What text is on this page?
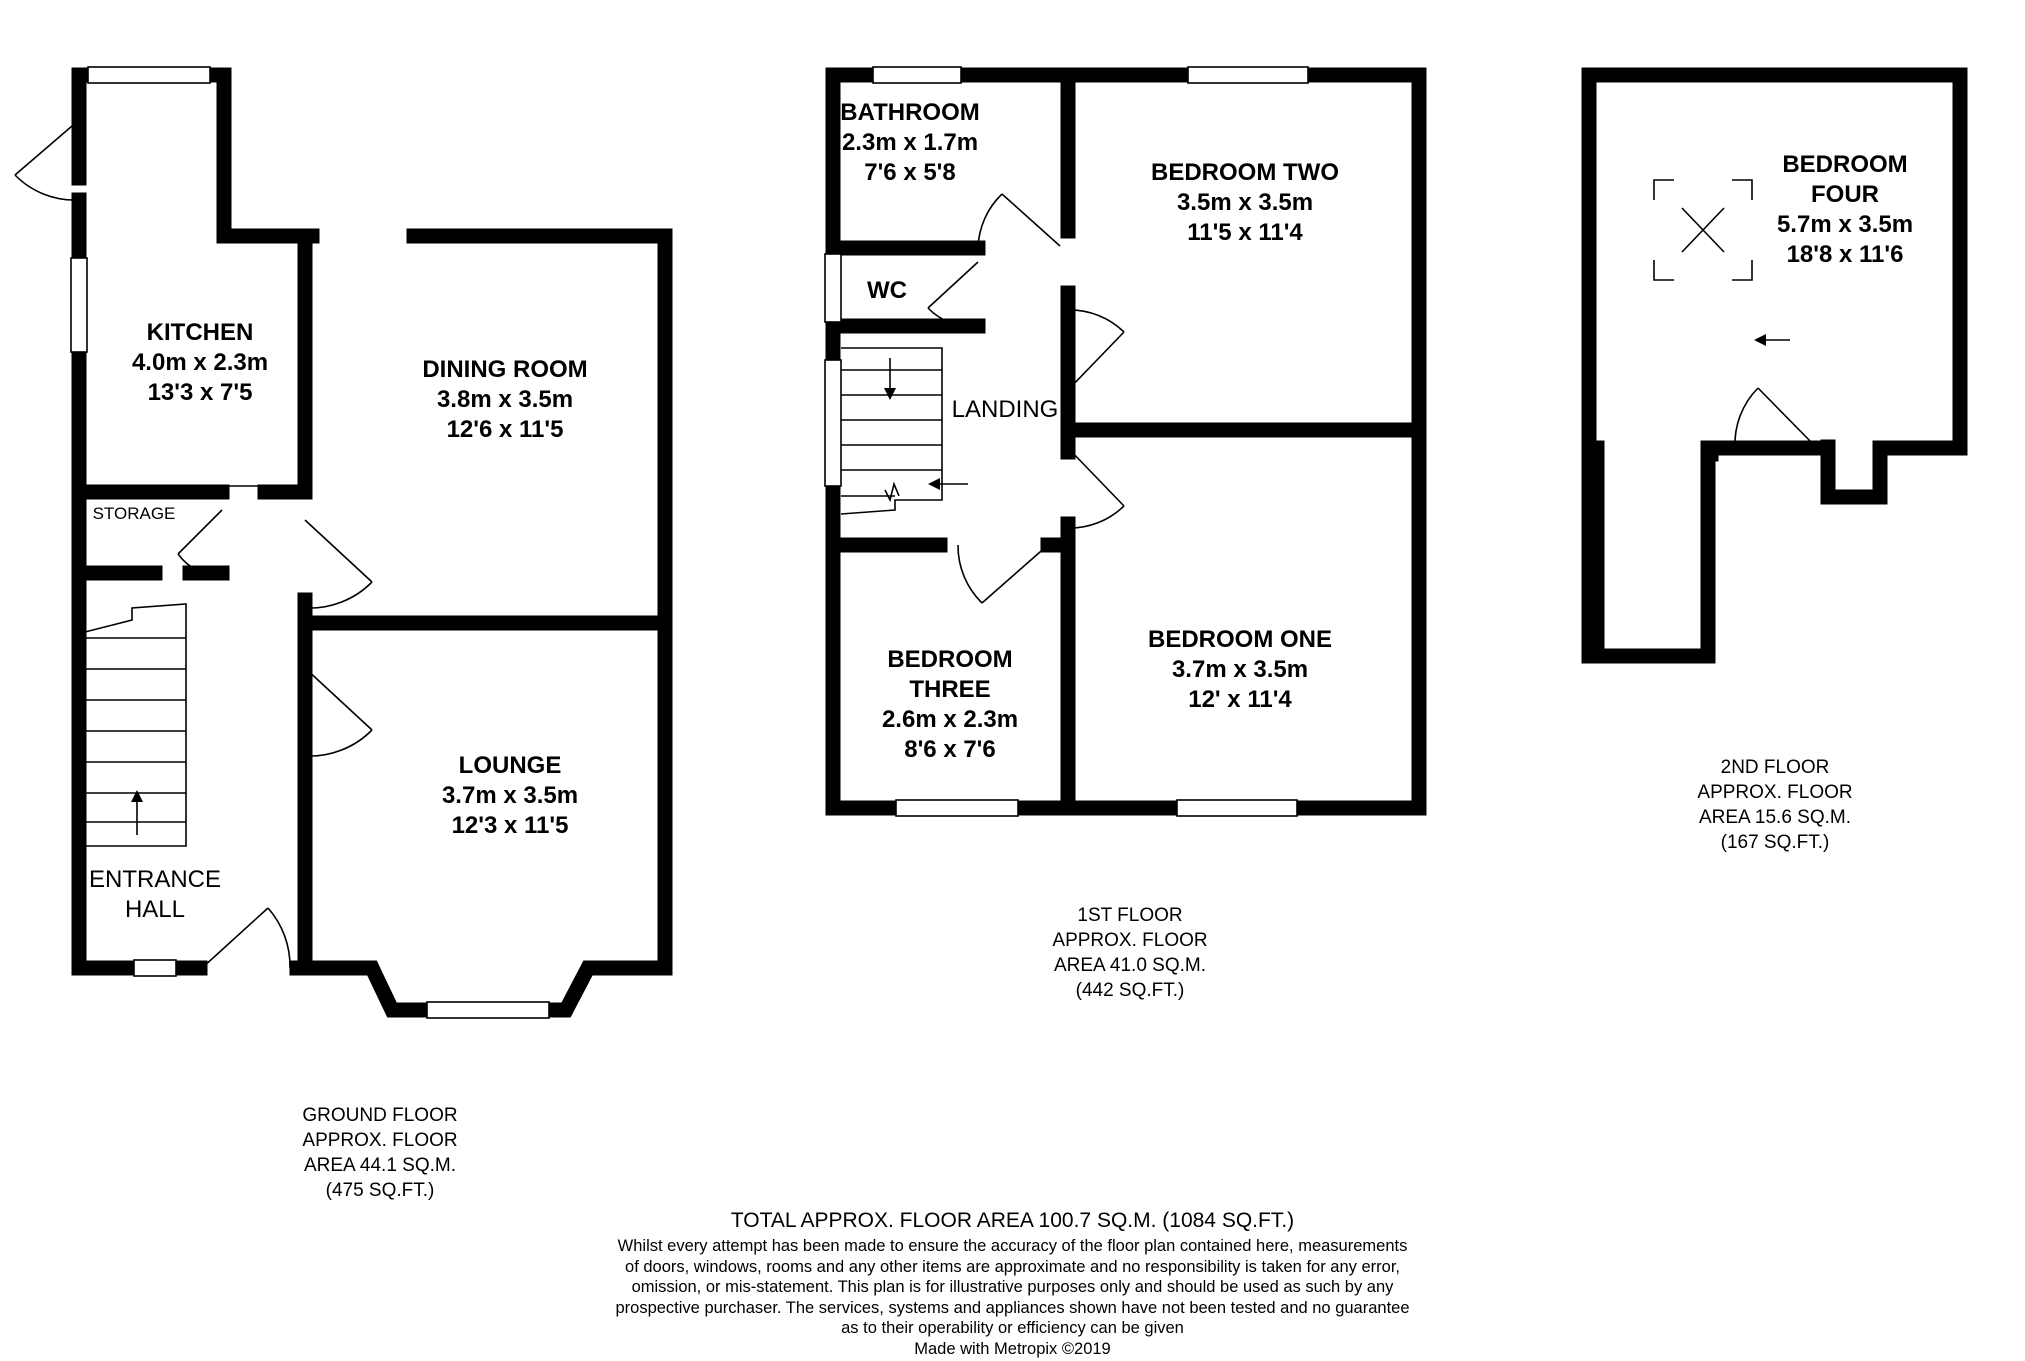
KITCHEN
4.0m x 2.3m
13'3 x 7'5
DINING ROOM
3.8m x 3.5m
12'6 x 11'5
STORAGE
ENTRANCE
HALL
LOUNGE
3.7m x 3.5m
12'3 x 11'5
BATHROOM
2.3m x 1.7m
7'6 x 5'8
WC
LANDING
BEDROOM TWO
3.5m x 3.5m
11'5 x 11'4
BEDROOM
THREE
2.6m x 2.3m
8'6 x 7'6
BEDROOM ONE
3.7m x 3.5m
12' x 11'4
BEDROOM
FOUR
5.7m x 3.5m
18'8 x 11'6
GROUND FLOOR
APPROX. FLOOR
AREA 44.1 SQ.M.
(475 SQ.FT.)
1ST FLOOR
APPROX. FLOOR
AREA 41.0 SQ.M.
(442 SQ.FT.)
2ND FLOOR
APPROX. FLOOR
AREA 15.6 SQ.M.
(167 SQ.FT.)
TOTAL APPROX. FLOOR AREA 100.7 SQ.M. (1084 SQ.FT.)
Whilst every attempt has been made to ensure the accuracy of the floor plan contained here, measurements
of doors, windows, rooms and any other items are approximate and no responsibility is taken for any error,
omission, or mis-statement. This plan is for illustrative purposes only and should be used as such by any
prospective purchaser. The services, systems and appliances shown have not been tested and no guarantee
as to their operability or efficiency can be given
Made with Metropix ©2019
